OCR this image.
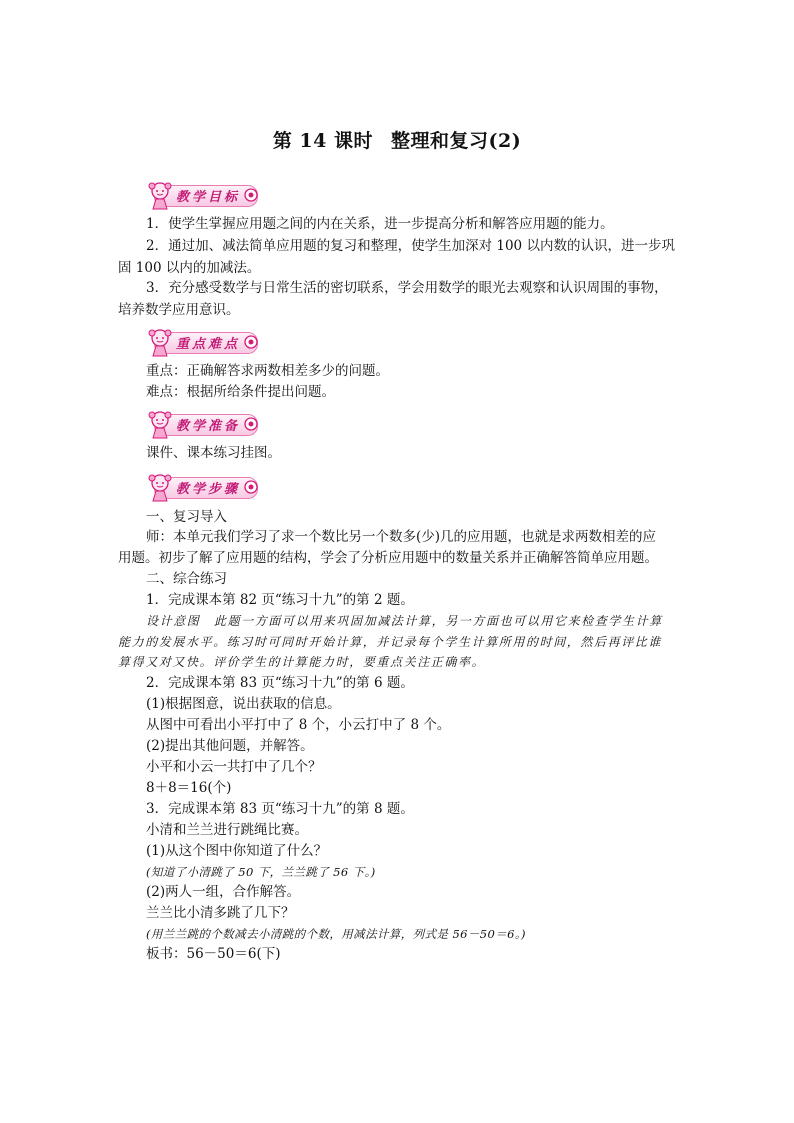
第 14 课时 整理和复习(2)
教学目标
1．使学生掌握应用题之间的内在关系，进一步提高分析和解答应用题的能力。
2．通过加、减法简单应用题的复习和整理，使学生加深对 100 以内数的认识，进一步巩
固 100 以内的加减法。
3．充分感受数学与日常生活的密切联系，学会用数学的眼光去观察和认识周围的事物，
培养数学应用意识。
重点难点
重点：正确解答求两数相差多少的问题。
难点：根据所给条件提出问题。
教学准备
课件、课本练习挂图。
教学步骤
一、复习导入
师：本单元我们学习了求一个数比另一个数多(少)几的应用题，也就是求两数相差的应
用题。初步了解了应用题的结构，学会了分析应用题中的数量关系并正确解答简单应用题。
二、综合练习
1．完成课本第 82 页“练习十九”的第 2 题。
设计意图　此题一方面可以用来巩固加减法计算，另一方面也可以用它来检查学生计算
能力的发展水平。练习时可同时开始计算，并记录每个学生计算所用的时间，然后再评比谁
算得又对又快。评价学生的计算能力时，要重点关注正确率。
2．完成课本第 83 页“练习十九”的第 6 题。
(1)根据图意，说出获取的信息。
从图中可看出小平打中了 8 个，小云打中了 8 个。
(2)提出其他问题，并解答。
小平和小云一共打中了几个？
8＋8＝16(个)
3．完成课本第 83 页“练习十九”的第 8 题。
小清和兰兰进行跳绳比赛。
(1)从这个图中你知道了什么？
(知道了小清跳了 50 下，兰兰跳了 56 下。)
(2)两人一组，合作解答。
兰兰比小清多跳了几下？
(用兰兰跳的个数减去小清跳的个数，用减法计算，列式是 56－50＝6。)
板书：56－50＝6(下)
